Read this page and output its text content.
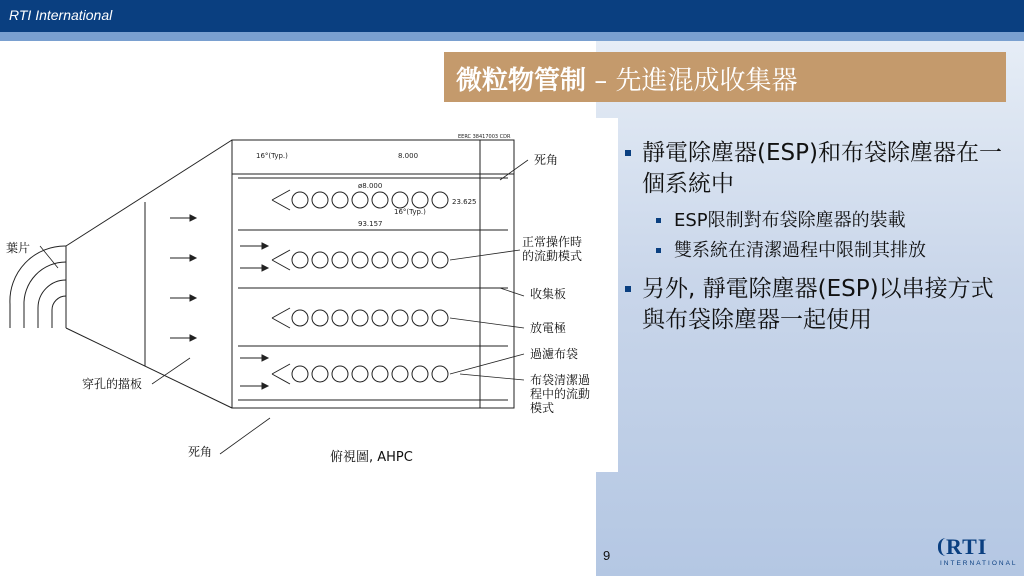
RTI International
微粒物管制 – 先進混成收集器
16°(Typ.)	8.000
ø8.000
23.625
93.157
16°(Typ.)
EERC 38417003 CDR
死角
葉片	正常操作時
的流動模式
收集板
放電極
過濾布袋
布袋清潔過
程中的流動
模式
穿孔的擋板
死角	俯視圖, AHPC
靜電除塵器(ESP)和布袋除塵器在一個系統中
ESP限制對布袋除塵器的裝載
雙系統在清潔過程中限制其排放
另外, 靜電除塵器(ESP)以串接方式與布袋除塵器一起使用
9	RTI
INTERNATIONAL
